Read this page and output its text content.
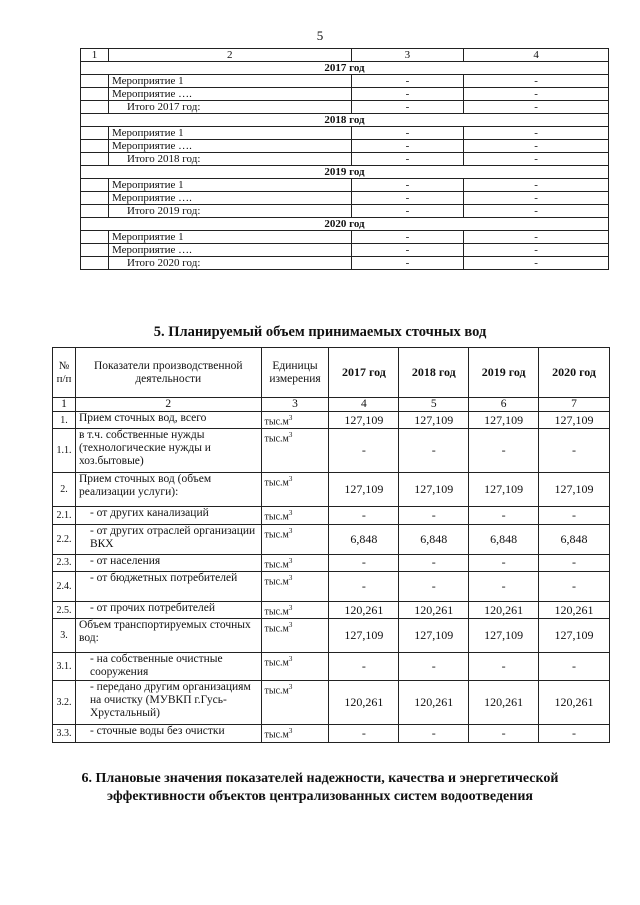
5
1	2	3	4
2017 год			
	Мероприятие 1	-	-
	Мероприятие ….	-	-
	Итого 2017 год:	-	-
2018 год			
	Мероприятие 1	-	-
	Мероприятие ….	-	-
	Итого 2018 год:	-	-
2019 год			
	Мероприятие 1	-	-
	Мероприятие ….	-	-
	Итого 2019 год:	-	-
2020 год			
	Мероприятие 1	-	-
	Мероприятие ….	-	-
	Итого 2020 год:	-	-
5. Планируемый объем принимаемых сточных вод
№ п/п	Показатели производственной деятельности	Единицы измерения	2017 год	2018 год	2019 год	2020 год
1	2	3	4	5	6	7
1.	Прием сточных вод, всего	$тыс.м^3$	127,109	127,109	127,109	127,109
1.1.	в т.ч. собственные нужды (технологические нужды и хоз.бытовые)	$тыс.м^3$	-	-	-	-
2.	Прием сточных вод (объем реализации услуги):	$тыс.м^3$	127,109	127,109	127,109	127,109
2.1.	- от других канализаций	$тыс.м^3$	-	-	-	-
2.2.	- от других отраслей организации ВКХ	$тыс.м^3$	6,848	6,848	6,848	6,848
2.3.	- от населения	$тыс.м^3$	-	-	-	-
2.4.	- от бюджетных потребителей	$тыс.м^3$	-	-	-	-
2.5.	- от прочих потребителей	$тыс.м^3$	120,261	120,261	120,261	120,261
3.	Объем транспортируемых сточных вод:	$тыс.м^3$	127,109	127,109	127,109	127,109
3.1.	- на собственные очистные сооружения	$тыс.м^3$	-	-	-	-
3.2.	- передано другим организациям на очистку (МУВКП г.Гусь-Хрустальный)	$тыс.м^3$	120,261	120,261	120,261	120,261
3.3.	- сточные воды без очистки	$тыс.м^3$	-	-	-	-
6. Плановые значения показателей надежности, качества и энергетической
эффективности объектов централизованных систем водоотведения
